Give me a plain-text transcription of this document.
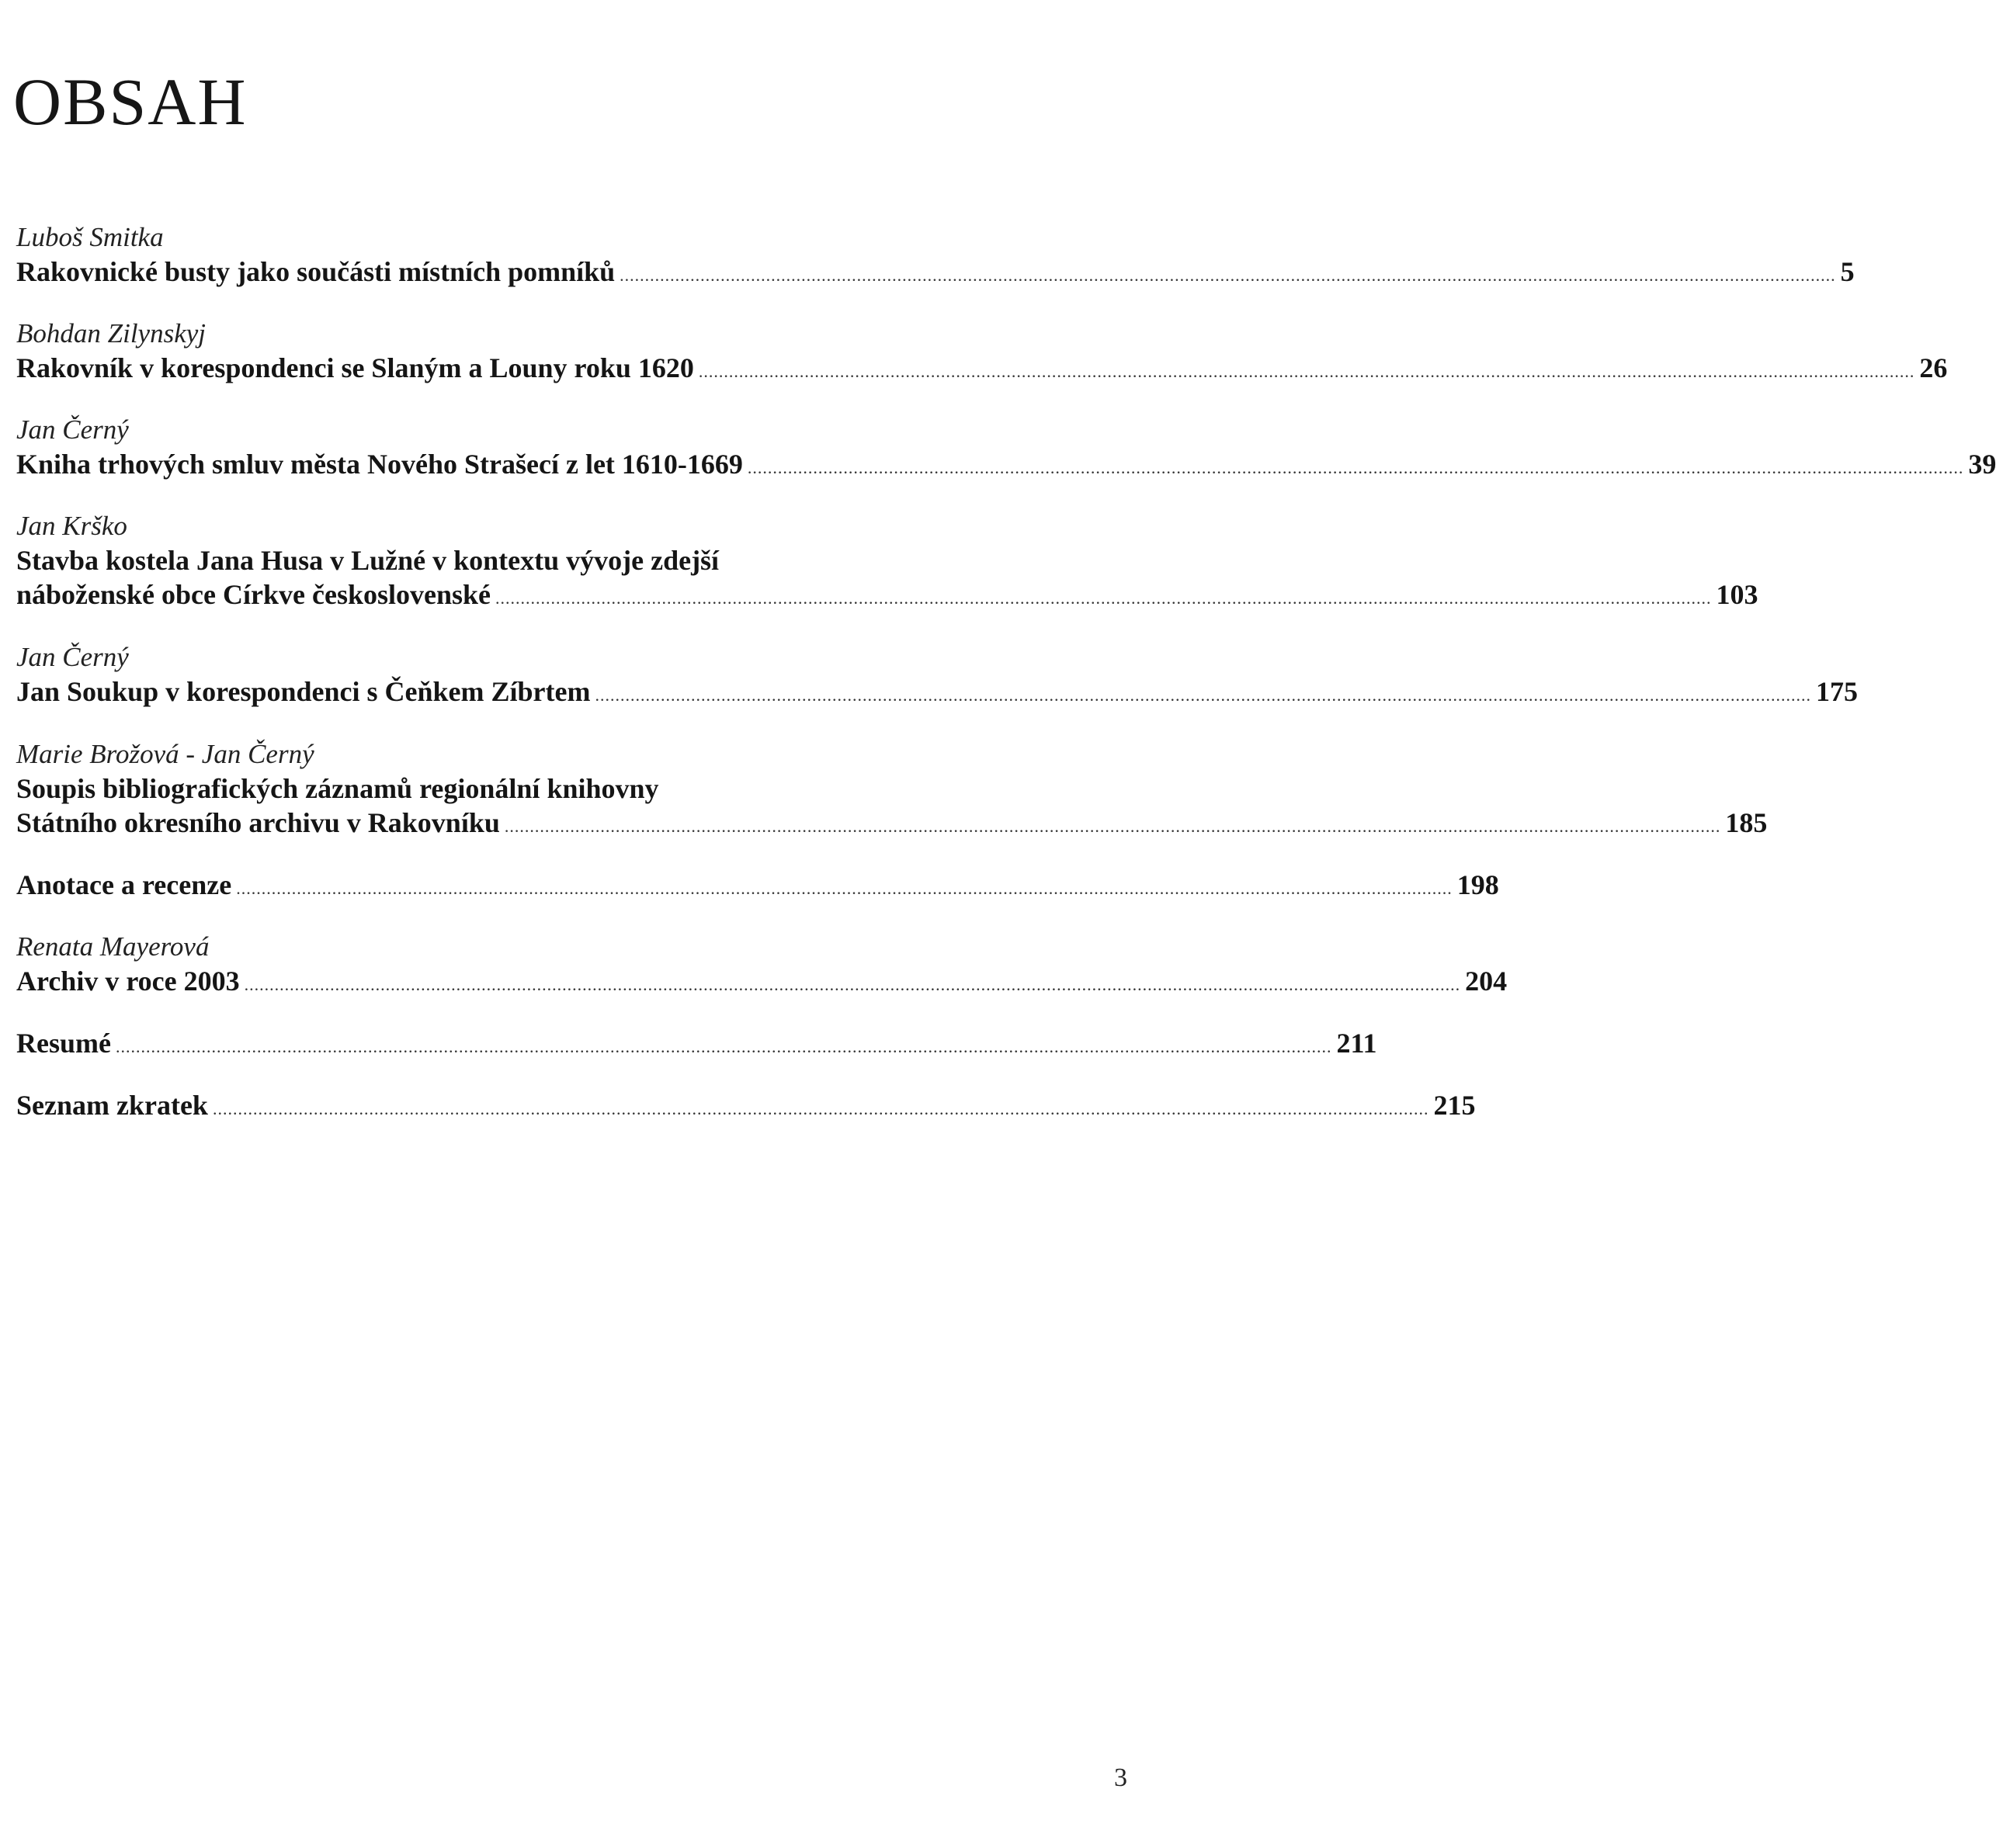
OBSAH
Luboš Smitka
Rakovnické busty jako součásti místních pomníků ................................................................................................................................................................................................................................................. 5
Bohdan Zilynskyj
Rakovník v korespondenci se Slaným a Louny roku 1620 ................................................................................................................................................................................................................................................. 26
Jan Černý
Kniha trhových smluv města Nového Strašecí z let 1610-1669 ................................................................................................................................................................................................................................................. 39
Jan Krško
Stavba kostela Jana Husa v Lužné v kontextu vývoje zdejší
náboženské obce Církve československé ................................................................................................................................................................................................................................................. 103
Jan Černý
Jan Soukup v korespondenci s Čeňkem Zíbrtem ................................................................................................................................................................................................................................................. 175
Marie Brožová - Jan Černý
Soupis bibliografických záznamů regionální knihovny
Státního okresního archivu v Rakovníku ................................................................................................................................................................................................................................................. 185
Anotace a recenze ................................................................................................................................................................................................................................................. 198
Renata Mayerová
Archiv v roce 2003 ................................................................................................................................................................................................................................................. 204
Resumé ................................................................................................................................................................................................................................................. 211
Seznam zkratek ................................................................................................................................................................................................................................................. 215
3
